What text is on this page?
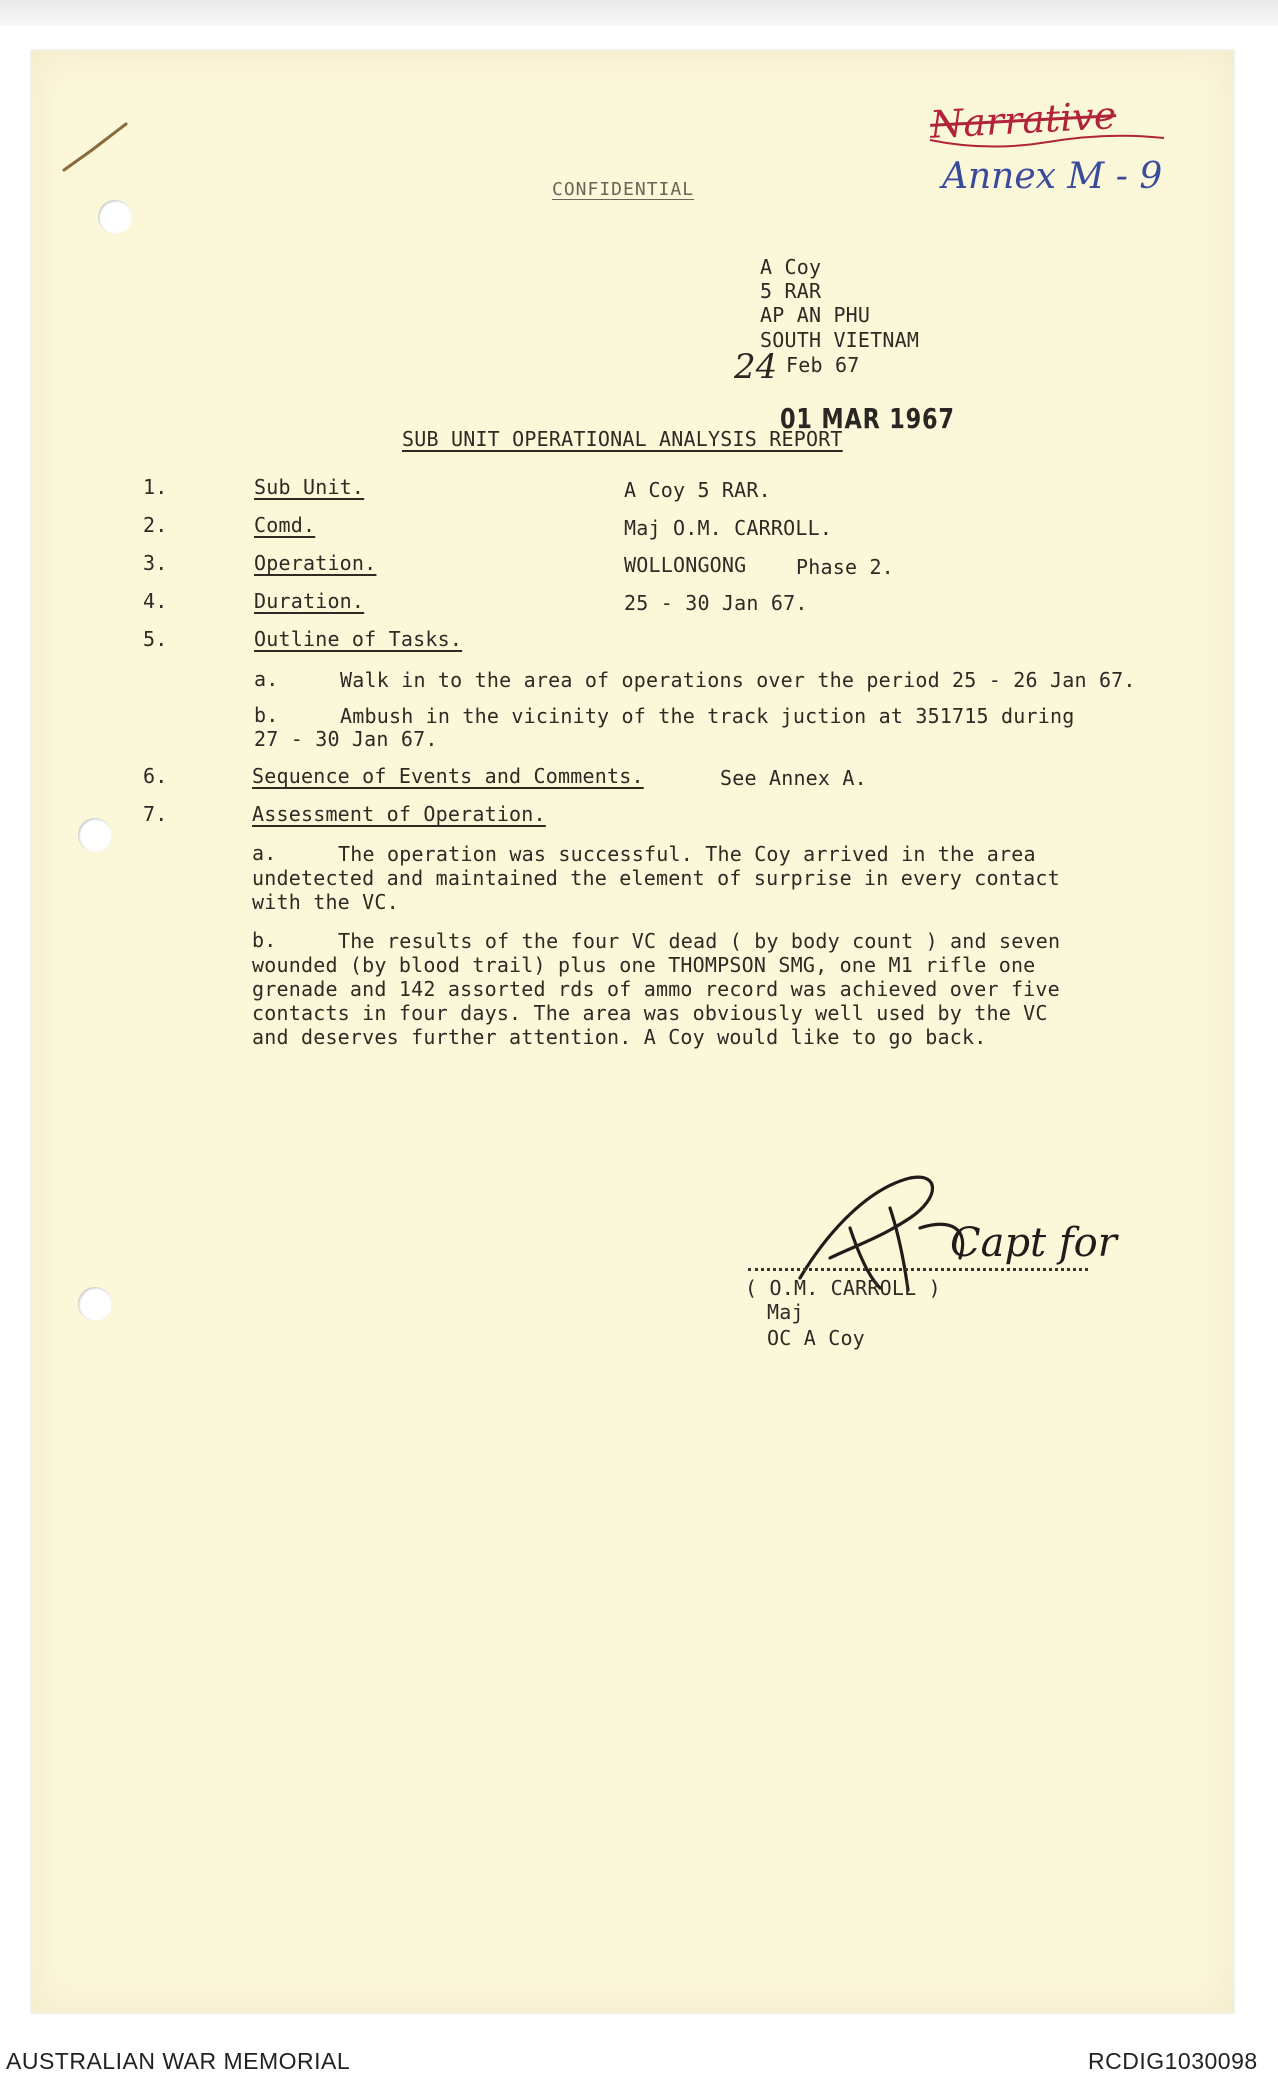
Narrative
Annex M - 9
CONFIDENTIAL
A Coy
5 RAR
AP AN PHU
SOUTH VIETNAM
24 Feb 67
01 MAR 1967
SUB UNIT OPERATIONAL ANALYSIS REPORT
1.	Sub Unit.	A Coy 5 RAR.
2.	Comd.	Maj O.M. CARROLL.
3.	Operation.	WOLLONGONG Phase 2.
4.	Duration.	25 - 30 Jan 67.
5.	Outline of Tasks.
a.	Walk in to the area of operations over the period 25 - 26 Jan 67.
b.	Ambush in the vicinity of the track juction at 351715 during
27 - 30 Jan 67.
6.	Sequence of Events and Comments.	See Annex A.
7.	Assessment of Operation.
a.	The operation was successful. The Coy arrived in the area
undetected and maintained the element of surprise in every contact
with the VC.
b.	The results of the four VC dead ( by body count ) and seven
wounded (by blood trail) plus one THOMPSON SMG, one M1 rifle one
grenade and 142 assorted rds of ammo record was achieved over five
contacts in four days. The area was obviously well used by the VC
and deserves further attention. A Coy would like to go back.
Capt for
( O.M. CARROLL )
Maj
OC A Coy
AUSTRALIAN WAR MEMORIAL	RCDIG1030098
